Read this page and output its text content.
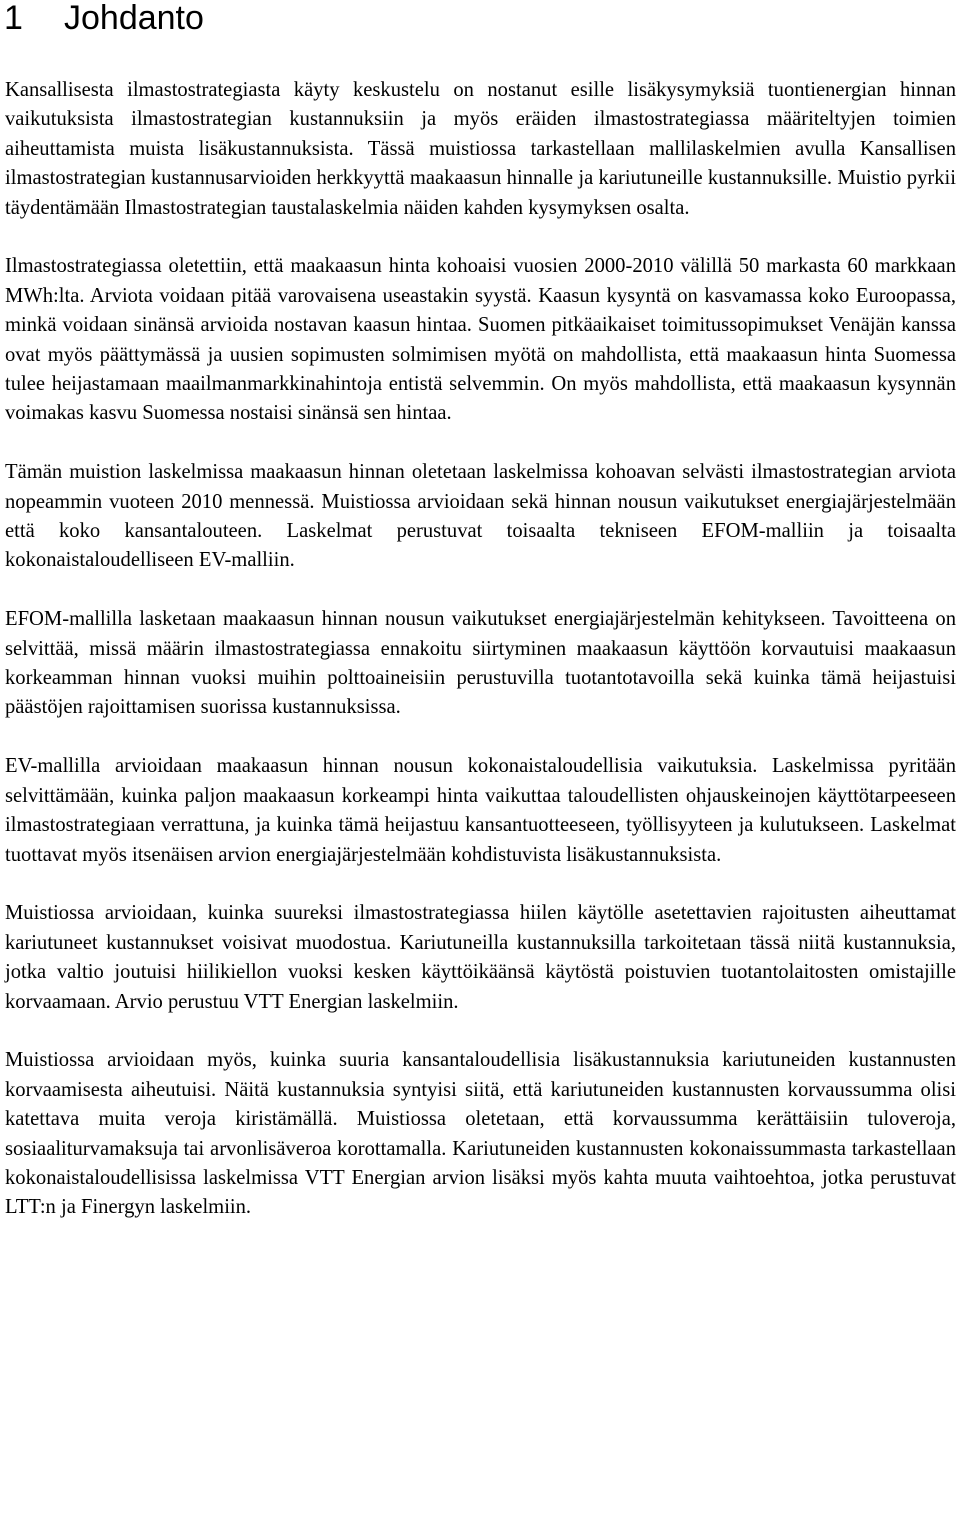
1 Johdanto

Kansallisesta ilmastostrategiasta käyty keskustelu on nostanut esille lisäkysymyksiä tuontienergian hinnan vaikutuksista ilmastostrategian kustannuksiin ja myös eräiden ilmastostrategiassa määriteltyjen toimien aiheuttamista muista lisäkustannuksista. Tässä muistiossa tarkastellaan mallilaskelmien avulla Kansallisen ilmastostrategian kustannusarvioiden herkkyyttä maakaasun hinnalle ja kariutuneille kustannuksille. Muistio pyrkii täydentämään Ilmastostrategian taustalaskelmia näiden kahden kysymyksen osalta.

Ilmastostrategiassa oletettiin, että maakaasun hinta kohoaisi vuosien 2000-2010 välillä 50 markasta 60 markkaan MWh:lta. Arviota voidaan pitää varovaisena useastakin syystä. Kaasun kysyntä on kasvamassa koko Euroopassa, minkä voidaan sinänsä arvioida nostavan kaasun hintaa. Suomen pitkäaikaiset toimitussopimukset Venäjän kanssa ovat myös päättymässä ja uusien sopimusten solmimisen myötä on mahdollista, että maakaasun hinta Suomessa tulee heijastamaan maailmanmarkkinahintoja entistä selvemmin. On myös mahdollista, että maakaasun kysynnän voimakas kasvu Suomessa nostaisi sinänsä sen hintaa.

Tämän muistion laskelmissa maakaasun hinnan oletetaan laskelmissa kohoavan selvästi ilmastostrategian arviota nopeammin vuoteen 2010 mennessä. Muistiossa arvioidaan sekä hinnan nousun vaikutukset energiajärjestelmään että koko kansantalouteen. Laskelmat perustuvat toisaalta tekniseen EFOM-malliin ja toisaalta kokonaistaloudelliseen EV-malliin.

EFOM-mallilla lasketaan maakaasun hinnan nousun vaikutukset energiajärjestelmän kehitykseen. Tavoitteena on selvittää, missä määrin ilmastostrategiassa ennakoitu siirtyminen maakaasun käyttöön korvautuisi maakaasun korkeamman hinnan vuoksi muihin polttoaineisiin perustuvilla tuotantotavoilla sekä kuinka tämä heijastuisi päästöjen rajoittamisen suorissa kustannuksissa.

EV-mallilla arvioidaan maakaasun hinnan nousun kokonaistaloudellisia vaikutuksia. Laskelmissa pyritään selvittämään, kuinka paljon maakaasun korkeampi hinta vaikuttaa taloudellisten ohjauskeinojen käyttötarpeeseen ilmastostrategiaan verrattuna, ja kuinka tämä heijastuu kansantuotteeseen, työllisyyteen ja kulutukseen. Laskelmat tuottavat myös itsenäisen arvion energiajärjestelmään kohdistuvista lisäkustannuksista.

Muistiossa arvioidaan, kuinka suureksi ilmastostrategiassa hiilen käytölle asetettavien rajoitusten aiheuttamat kariutuneet kustannukset voisivat muodostua. Kariutuneilla kustannuksilla tarkoitetaan tässä niitä kustannuksia, jotka valtio joutuisi hiilikiellon vuoksi kesken käyttöikäänsä käytöstä poistuvien tuotantolaitosten omistajille korvaamaan. Arvio perustuu VTT Energian laskelmiin.

Muistiossa arvioidaan myös, kuinka suuria kansantaloudellisia lisäkustannuksia kariutuneiden kustannusten korvaamisesta aiheutuisi. Näitä kustannuksia syntyisi siitä, että kariutuneiden kustannusten korvaussumma olisi katettava muita veroja kiristämällä. Muistiossa oletetaan, että korvaussumma kerättäisiin tuloveroja, sosiaaliturvamaksuja tai arvonlisäveroa korottamalla. Kariutuneiden kustannusten kokonaissummasta tarkastellaan kokonaistaloudellisissa laskelmissa VTT Energian arvion lisäksi myös kahta muuta vaihtoehtoa, jotka perustuvat LTT:n ja Finergyn laskelmiin.
